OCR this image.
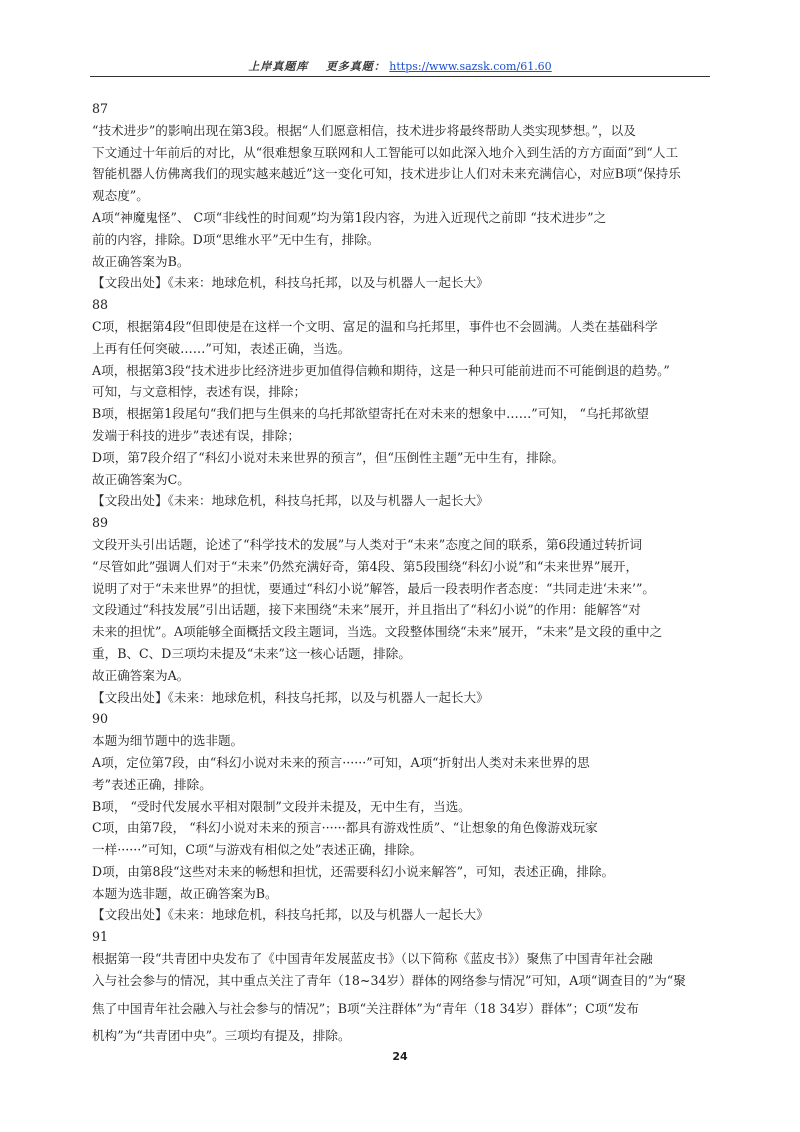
上岸真题库 更多真题： https://www.sazsk.com/61.60

87

“技术进步”的影响出现在第3段。根据“人们愿意相信，技术进步将最终帮助人类实现梦想。”，以及

下文通过十年前后的对比，从“很难想象互联网和人工智能可以如此深入地介入到生活的方方面面”到“人工

智能机器人仿佛离我们的现实越来越近”这一变化可知，技术进步让人们对未来充满信心，对应B项“保持乐

观态度”。

A项“神魔鬼怪”、 C项“非线性的时间观”均为第1段内容，为进入近现代之前即 “技术进步”之

前的内容，排除。D项“思维水平”无中生有，排除。

故正确答案为B。

【文段出处】《未来：地球危机，科技乌托邦，以及与机器人一起长大》

88

C项，根据第4段“但即使是在这样一个文明、富足的温和乌托邦里，事件也不会圆满。人类在基础科学

上再有任何突破……”可知，表述正确，当选。

A项，根据第3段“技术进步比经济进步更加值得信赖和期待，这是一种只可能前进而不可能倒退的趋势。”

可知，与文意相悖，表述有误，排除；

B项，根据第1段尾句“我们把与生俱来的乌托邦欲望寄托在对未来的想象中……”可知， “乌托邦欲望

发端于科技的进步”表述有误，排除；

D项，第7段介绍了“科幻小说对未来世界的预言”，但“压倒性主题”无中生有，排除。

故正确答案为C。

【文段出处】《未来：地球危机，科技乌托邦，以及与机器人一起长大》

89

文段开头引出话题，论述了“科学技术的发展”与人类对于“未来”态度之间的联系，第6段通过转折词

“尽管如此”强调人们对于“未来”仍然充满好奇，第4段、第5段围绕“科幻小说”和“未来世界”展开，

说明了对于“未来世界”的担忧，要通过“科幻小说”解答，最后一段表明作者态度：“共同走进‘未来’”。

文段通过“科技发展”引出话题，接下来围绕“未来”展开，并且指出了“科幻小说”的作用：能解答“对

未来的担忧”。A项能够全面概括文段主题词，当选。文段整体围绕“未来”展开，“未来”是文段的重中之

重，B、C、D三项均未提及“未来”这一核心话题，排除。

故正确答案为A。

【文段出处】《未来：地球危机，科技乌托邦，以及与机器人一起长大》

90

本题为细节题中的选非题。

A项，定位第7段，由“科幻小说对未来的预言······”可知，A项“折射出人类对未来世界的思

考”表述正确，排除。

B项， “受时代发展水平相对限制”文段并未提及，无中生有，当选。

C项，由第7段， “科幻小说对未来的预言······都具有游戏性质”、“让想象的角色像游戏玩家

一样······”可知，C项“与游戏有相似之处”表述正确，排除。

D项，由第8段“这些对未来的畅想和担忧，还需要科幻小说来解答”，可知，表述正确，排除。

本题为选非题，故正确答案为B。

【文段出处】《未来：地球危机，科技乌托邦，以及与机器人一起长大》

91

根据第一段“共青团中央发布了《中国青年发展蓝皮书》（以下简称《蓝皮书》）聚焦了中国青年社会融

入与社会参与的情况，其中重点关注了青年（18~34岁）群体的网络参与情况”可知，A项“调查目的”为“聚

焦了中国青年社会融入与社会参与的情况”；B项“关注群体”为“青年（18 34岁）群体”；C项“发布

机构”为“共青团中央”。三项均有提及，排除。

24
